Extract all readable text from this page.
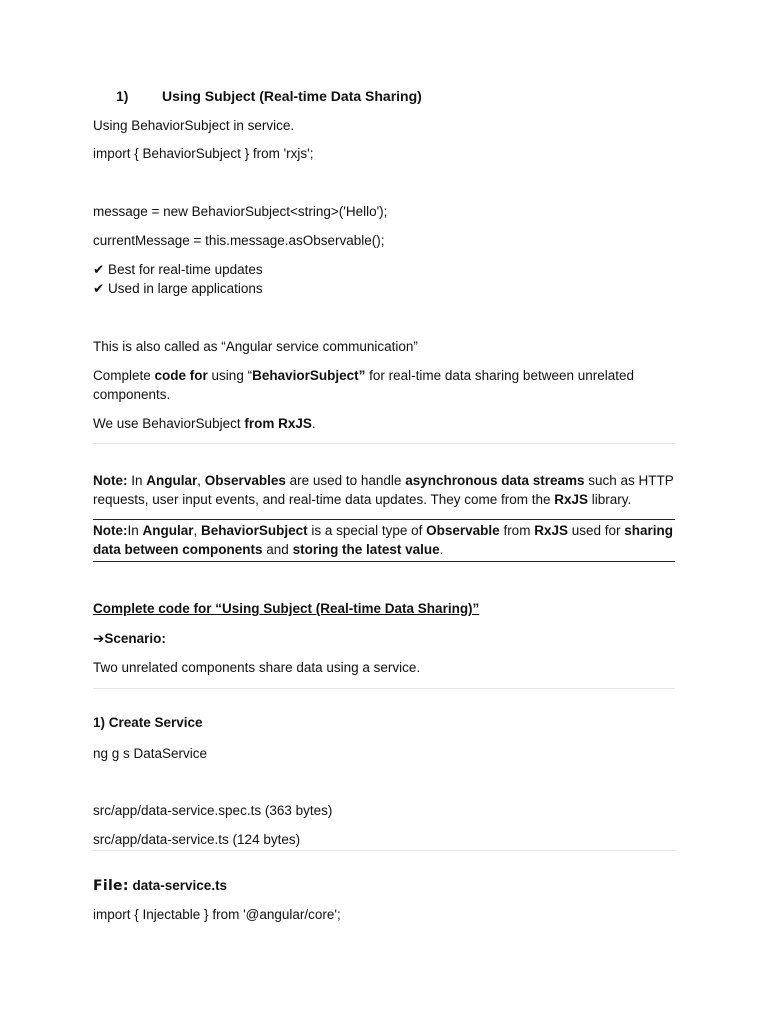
1) Using Subject (Real-time Data Sharing)
Using BehaviorSubject in service.
import { BehaviorSubject } from 'rxjs';
message = new BehaviorSubject<string>('Hello');
currentMessage = this.message.asObservable();
✔ Best for real-time updates
✔ Used in large applications
This is also called as “Angular service communication”
Complete code for using “BehaviorSubject” for real-time data sharing between unrelated components.
We use BehaviorSubject from RxJS.
Note: In Angular, Observables are used to handle asynchronous data streams such as HTTP requests, user input events, and real-time data updates. They come from the RxJS library.
Note:In Angular, BehaviorSubject is a special type of Observable from RxJS used for sharing data between components and storing the latest value.
Complete code for “Using Subject (Real-time Data Sharing)”
➔Scenario:
Two unrelated components share data using a service.
1) Create Service
ng g s DataService
src/app/data-service.spec.ts (363 bytes)
src/app/data-service.ts (124 bytes)
File: data-service.ts
import { Injectable } from '@angular/core';
